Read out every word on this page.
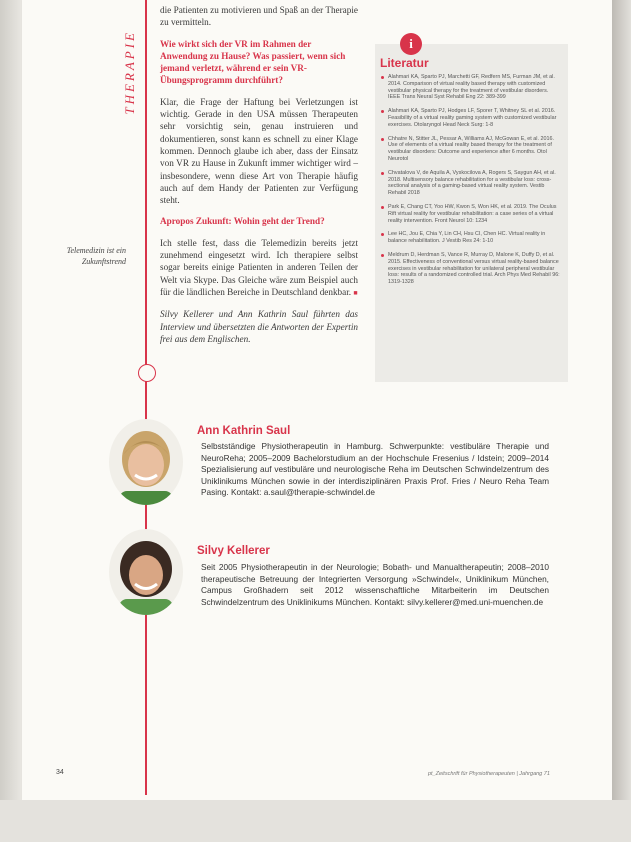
THERAPIE

die Patienten zu motivieren und Spaß an der Therapie zu vermitteln.

Wie wirkt sich der VR im Rahmen der Anwendung zu Hause? Was passiert, wenn sich jemand verletzt, während er sein VR-Übungsprogramm durchführt?

Klar, die Frage der Haftung bei Verletzungen ist wichtig. Gerade in den USA müssen Therapeuten sehr vorsichtig sein, genau instruieren und dokumentieren, sonst kann es schnell zu einer Klage kommen. Dennoch glaube ich aber, dass der Einsatz von VR zu Hause in Zukunft immer wichtiger wird – insbesondere, wenn diese Art von Therapie häufig auch auf dem Handy der Patienten zur Verfügung steht.

Apropos Zukunft: Wohin geht der Trend?

Ich stelle fest, dass die Telemedizin bereits jetzt zunehmend eingesetzt wird. Ich therapiere selbst sogar bereits einige Patienten in anderen Teilen der Welt via Skype. Das Gleiche wäre zum Beispiel auch für die ländlichen Bereiche in Deutschland denkbar. ■

Silvy Kellerer und Ann Kathrin Saul führten das Interview und übersetzten die Antworten der Expertin frei aus dem Englischen.

Telemedizin ist ein Zukunftstrend
i
Literatur
Alahmari KA, Sparto PJ, Marchetti GF, Redfern MS, Furman JM, et al. 2014. Comparison of virtual reality based therapy with customized vestibular physical therapy for the treatment of vestibular disorders. IEEE Trans Neural Syst Rehabil Eng 22: 389-399
Alahmari KA, Sparto PJ, Hodges LF, Sporer T, Whitney SL et al. 2016. Feasibility of a virtual reality gaming system with customized vestibular exercises. Otolaryngol Head Neck Surg: 1-8
Chhatre N, Stitter JL, Pessar A, Williams AJ, McGowan E, et al. 2016. Use of elements of a virtual reality based therapy for the treatment of vestibular disorders: Outcome and experience after 6 months. Otol Neurotol
Chvatalova V, de Aquila A, Vyskocilova A, Rogers S, Saygun AH, et al. 2018. Multisensory balance rehabilitation for a vestibular loss: cross-sectional analysis of a gaming-based virtual reality system. Vestib Rehabil 2018
Park E, Chang CT, Yoo HW, Kwon S, Won HK, et al. 2019. The Oculus Rift virtual reality for vestibular rehabilitation: a case series of a virtual reality intervention. Front Neurol 10: 1234
Lee HC, Jou E, Chia Y, Lin CH, Hsu CI, Chen HC. Virtual reality in balance rehabilitation. J Vestib Res 24: 1-10
Meldrum D, Herdman S, Vance R, Murray D, Malone K, Duffy D, et al. 2015. Effectiveness of conventional versus virtual reality-based balance exercises in vestibular rehabilitation for unilateral peripheral vestibular loss: results of a randomized controlled trial. Arch Phys Med Rehabil 96: 1319-1328
Ann Kathrin Saul
Selbstständige Physiotherapeutin in Hamburg. Schwerpunkte: vestibuläre Therapie und NeuroReha; 2005–2009 Bachelorstudium an der Hochschule Fresenius / Idstein; 2009–2014 Spezialisierung auf vestibuläre und neurologische Reha im Deutschen Schwindelzentrum des Uniklinikums München sowie in der interdisziplinären Praxis Prof. Fries / Neuro Reha Team Pasing. Kontakt: a.saul@therapie-schwindel.de
Silvy Kellerer
Seit 2005 Physiotherapeutin in der Neurologie; Bobath- und Manualtherapeutin; 2008–2010 therapeutische Betreuung der Integrierten Versorgung »Schwindel«, Uniklinikum München, Campus Großhadern seit 2012 wissenschaftliche Mitarbeiterin im Deutschen Schwindelzentrum des Uniklinikums München. Kontakt: silvy.kellerer@med.uni-muenchen.de
34	pt_Zeitschrift für Physiotherapeuten | Jahrgang 71
